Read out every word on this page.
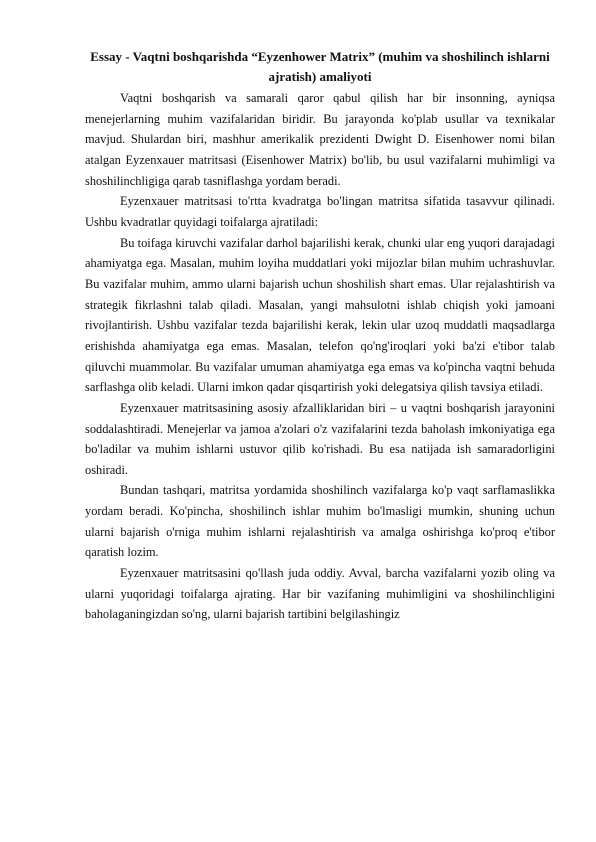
Essay - Vaqtni boshqarishda “Eyzenhower Matrix” (muhim va shoshilinch ishlarni ajratish) amaliyoti

Vaqtni boshqarish va samarali qaror qabul qilish har bir insonning, ayniqsa menejerlarning muhim vazifalaridan biridir. Bu jarayonda ko'plab usullar va texnikalar mavjud. Shulardan biri, mashhur amerikalik prezidenti Dwight D. Eisenhower nomi bilan atalgan Eyzenxauer matritsasi (Eisenhower Matrix) bo'lib, bu usul vazifalarni muhimligi va shoshilinchligiga qarab tasniflashga yordam beradi.

Eyzenxauer matritsasi to'rtta kvadratga bo'lingan matritsa sifatida tasavvur qilinadi. Ushbu kvadratlar quyidagi toifalarga ajratiladi:

Bu toifaga kiruvchi vazifalar darhol bajarilishi kerak, chunki ular eng yuqori darajadagi ahamiyatga ega. Masalan, muhim loyiha muddatlari yoki mijozlar bilan muhim uchrashuvlar. Bu vazifalar muhim, ammo ularni bajarish uchun shoshilish shart emas. Ular rejalashtirish va strategik fikrlashni talab qiladi. Masalan, yangi mahsulotni ishlab chiqish yoki jamoani rivojlantirish. Ushbu vazifalar tezda bajarilishi kerak, lekin ular uzoq muddatli maqsadlarga erishishda ahamiyatga ega emas. Masalan, telefon qo'ng'iroqlari yoki ba'zi e'tibor talab qiluvchi muammolar. Bu vazifalar umuman ahamiyatga ega emas va ko'pincha vaqtni behuda sarflashga olib keladi. Ularni imkon qadar qisqartirish yoki delegatsiya qilish tavsiya etiladi.

Eyzenxauer matritsasining asosiy afzalliklaridan biri – u vaqtni boshqarish jarayonini soddalashtiradi. Menejerlar va jamoa a'zolari o'z vazifalarini tezda baholash imkoniyatiga ega bo'ladilar va muhim ishlarni ustuvor qilib ko'rishadi. Bu esa natijada ish samaradorligini oshiradi.

Bundan tashqari, matritsa yordamida shoshilinch vazifalarga ko'p vaqt sarflamaslikka yordam beradi. Ko'pincha, shoshilinch ishlar muhim bo'lmasligi mumkin, shuning uchun ularni bajarish o'rniga muhim ishlarni rejalashtirish va amalga oshirishga ko'proq e'tibor qaratish lozim.

Eyzenxauer matritsasini qo'llash juda oddiy. Avval, barcha vazifalarni yozib oling va ularni yuqoridagi toifalarga ajrating. Har bir vazifaning muhimligini va shoshilinchligini baholaganingizdan so'ng, ularni bajarish tartibini belgilashingiz
